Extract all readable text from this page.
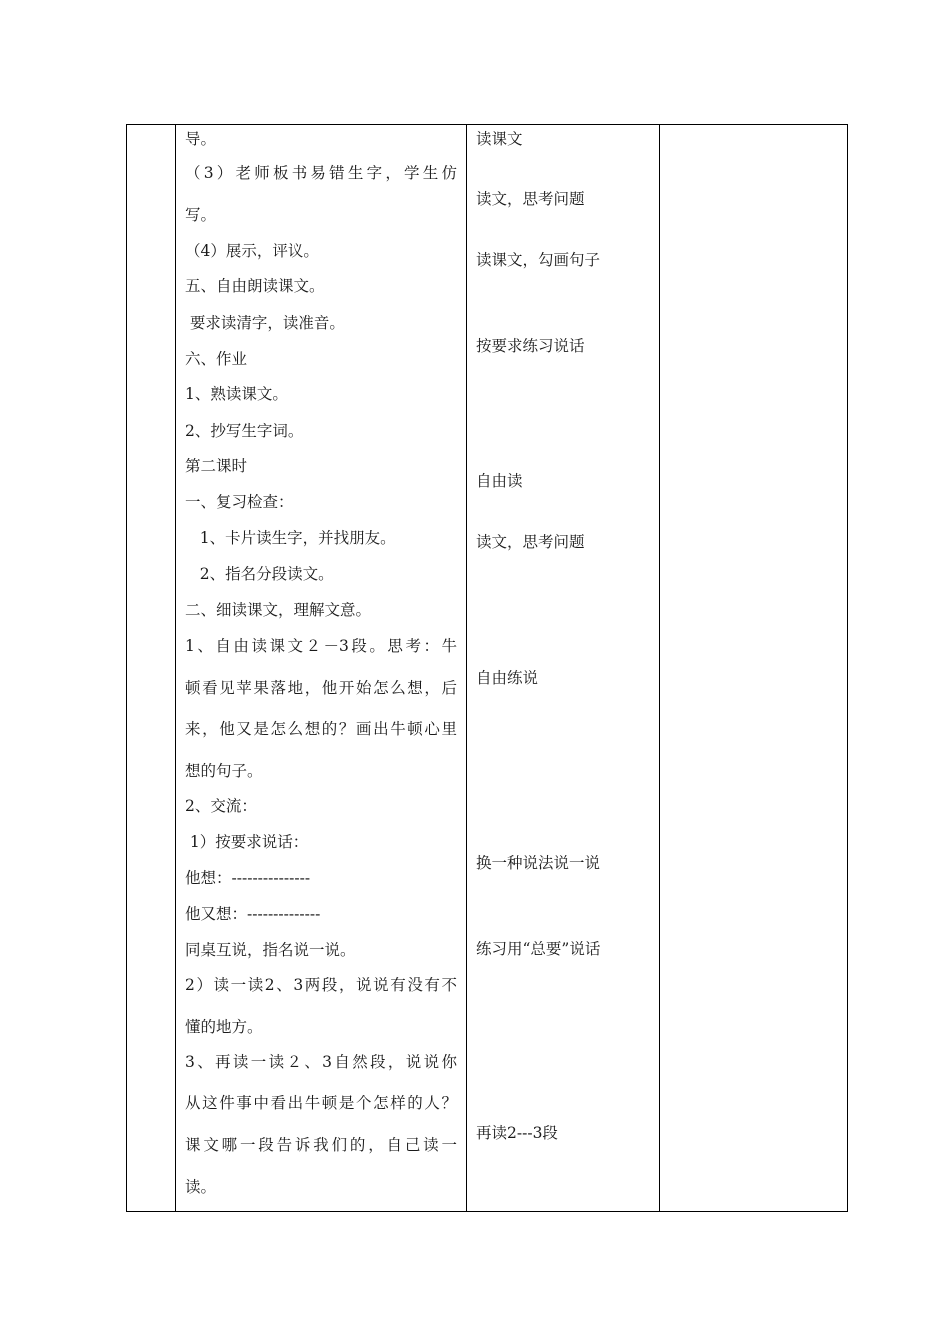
导。
（3）老师板书易错生字，学生仿
写。
（4）展示，评议。
五、自由朗读课文。
要求读清字，读准音。
六、作业
1、熟读课文。
2、抄写生字词。
第二课时
一、复习检查：
1、卡片读生字，并找朋友。
2、指名分段读文。
二、细读课文，理解文意。
1、自由读课文２－3段。思考：牛
顿看见苹果落地，他开始怎么想，后
来，他又是怎么想的？画出牛顿心里
想的句子。
2、交流：
1）按要求说话：
他想：---------------
他又想：--------------
同桌互说，指名说一说。
2）读一读2、3两段，说说有没有不
懂的地方。
3、再读一读２、3自然段，说说你
从这件事中看出牛顿是个怎样的人？
课文哪一段告诉我们的，自己读一
读。
读课文
读文，思考问题
读课文，勾画句子
按要求练习说话
自由读
读文，思考问题
自由练说
换一种说法说一说
练习用“总要”说话
再读2---3段
